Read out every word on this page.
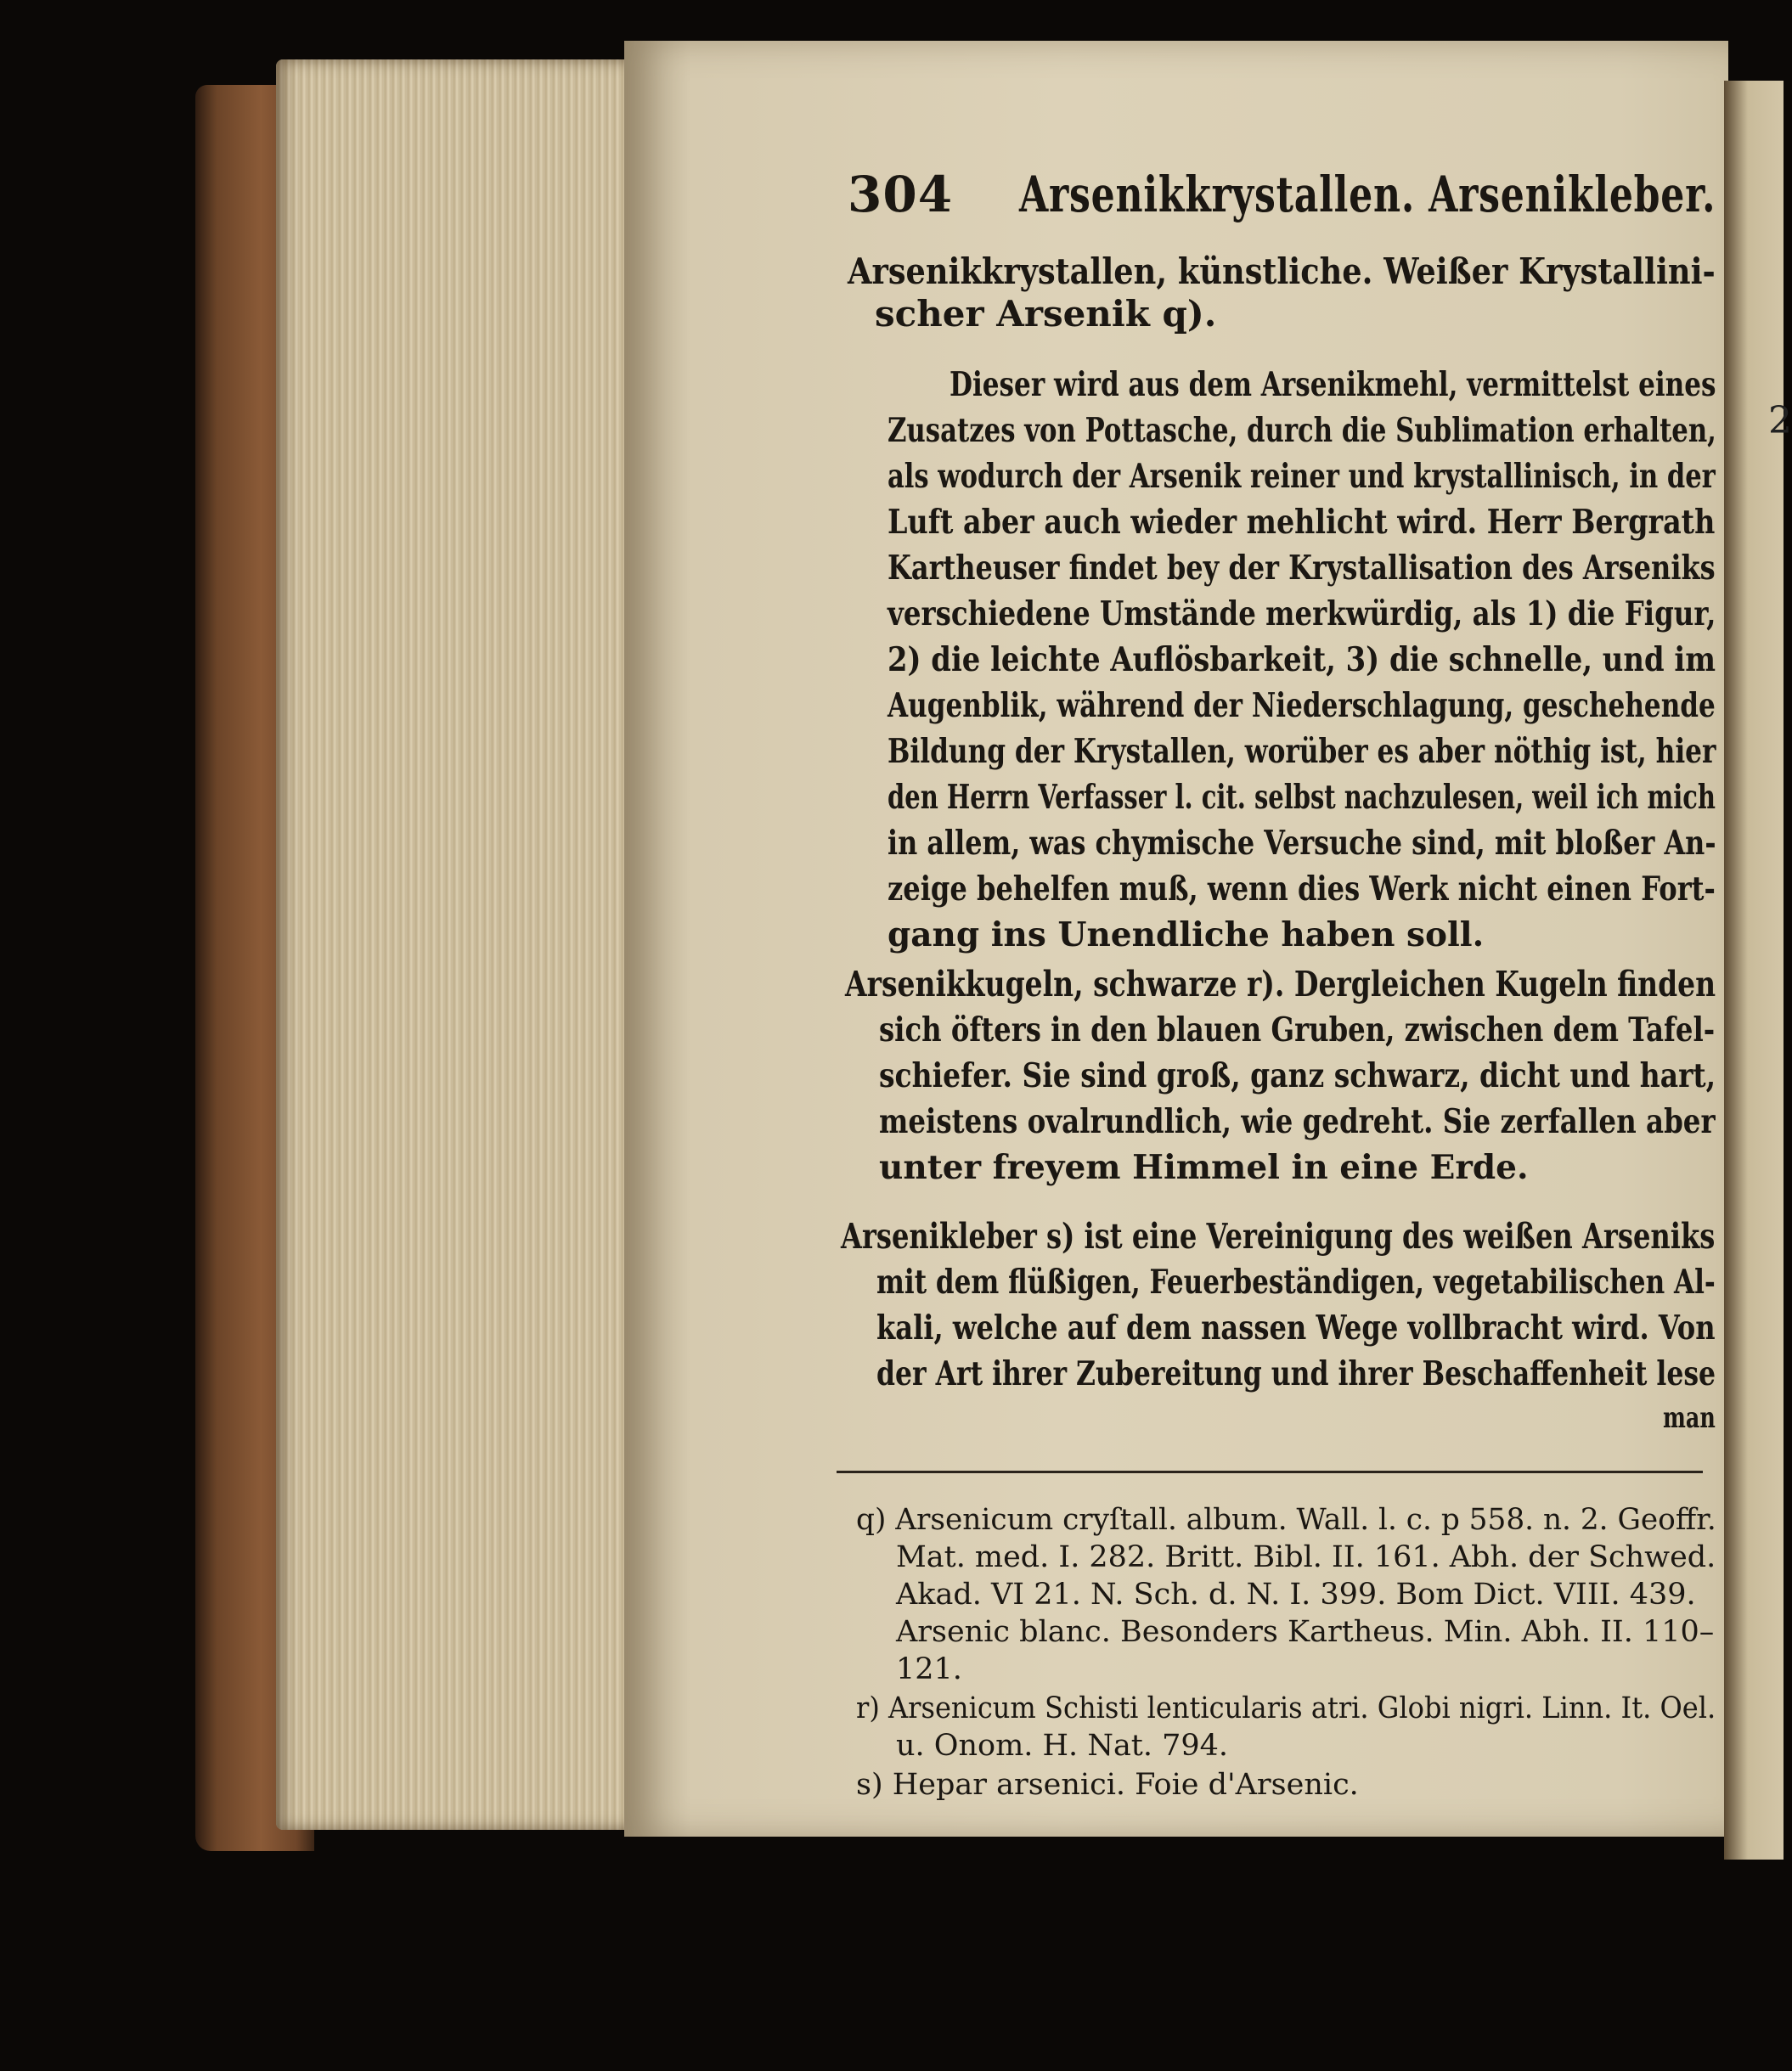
2
304 Arsenikkrystallen. Arsenikleber.
Arsenikkrystallen, künstliche. Weißer Krystallini-
scher Arsenik q).
Dieser wird aus dem Arsenikmehl, vermittelst eines
Zusatzes von Pottasche, durch die Sublimation erhalten,
als wodurch der Arsenik reiner und krystallinisch, in der
Luft aber auch wieder mehlicht wird. Herr Bergrath
Kartheuser findet bey der Krystallisation des Arseniks
verschiedene Umstände merkwürdig, als 1) die Figur,
2) die leichte Auflösbarkeit, 3) die schnelle, und im
Augenblik, während der Niederschlagung, geschehende
Bildung der Krystallen, worüber es aber nöthig ist, hier
den Herrn Verfasser l. cit. selbst nachzulesen, weil ich mich
in allem, was chymische Versuche sind, mit bloßer An-
zeige behelfen muß, wenn dies Werk nicht einen Fort-
gang ins Unendliche haben soll.
Arsenikkugeln, schwarze r). Dergleichen Kugeln finden
sich öfters in den blauen Gruben, zwischen dem Tafel-
schiefer. Sie sind groß, ganz schwarz, dicht und hart,
meistens ovalrundlich, wie gedreht. Sie zerfallen aber
unter freyem Himmel in eine Erde.
Arsenikleber s) ist eine Vereinigung des weißen Arseniks
mit dem flüßigen, Feuerbeständigen, vegetabilischen Al-
kali, welche auf dem nassen Wege vollbracht wird. Von
der Art ihrer Zubereitung und ihrer Beschaffenheit lese
man
q) Arsenicum cryſtall. album. Wall. l. c. p 558. n. 2. Geoffr.
Mat. med. I. 282. Britt. Bibl. II. 161. Abh. der Schwed.
Akad. VI 21. N. Sch. d. N. I. 399. Bom Dict. VIII. 439.
Arsenic blanc. Besonders Kartheus. Min. Abh. II. 110–
121.
r) Arsenicum Schisti lenticularis atri. Globi nigri. Linn. It. Oel.
u. Onom. H. Nat. 794.
s) Hepar arsenici. Foie d'Arsenic.
